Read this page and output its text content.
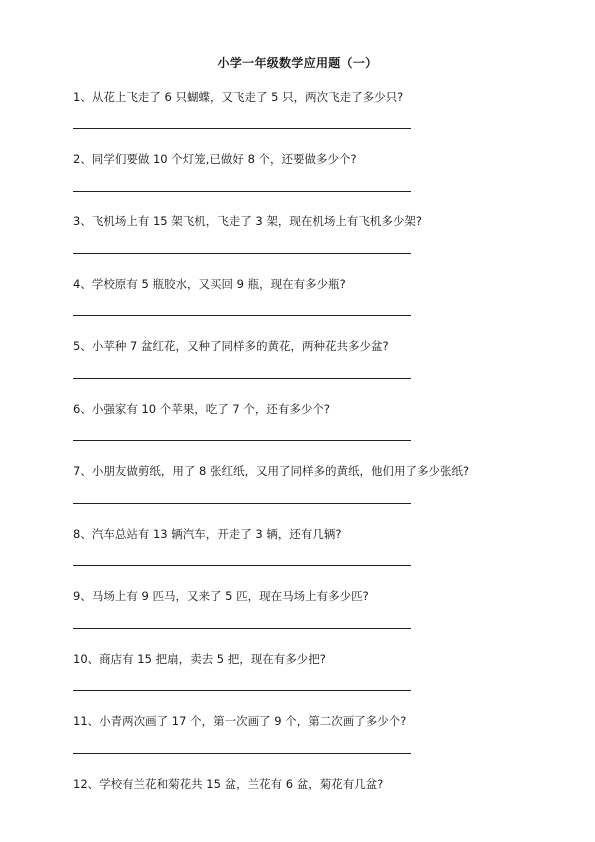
小学一年级数学应用题（一）
1、从花上飞走了 6 只蝴蝶，又飞走了 5 只，两次飞走了多少只?
2、同学们要做 10 个灯笼,已做好 8 个，还要做多少个?
3、飞机场上有 15 架飞机，飞走了 3 架，现在机场上有飞机多少架?
4、学校原有 5 瓶胶水，又买回 9 瓶，现在有多少瓶?
5、小苹种 7 盆红花，又种了同样多的黄花，两种花共多少盆?
6、小强家有 10 个苹果，吃了 7 个，还有多少个?
7、小朋友做剪纸，用了 8 张红纸，又用了同样多的黄纸，他们用了多少张纸?
8、汽车总站有 13 辆汽车，开走了 3 辆，还有几辆?
9、马场上有 9 匹马，又来了 5 匹，现在马场上有多少匹?
10、商店有 15 把扇，卖去 5 把，现在有多少把?
11、小青两次画了 17 个，第一次画了 9 个，第二次画了多少个?
12、学校有兰花和菊花共 15 盆，兰花有 6 盆，菊花有几盆?
